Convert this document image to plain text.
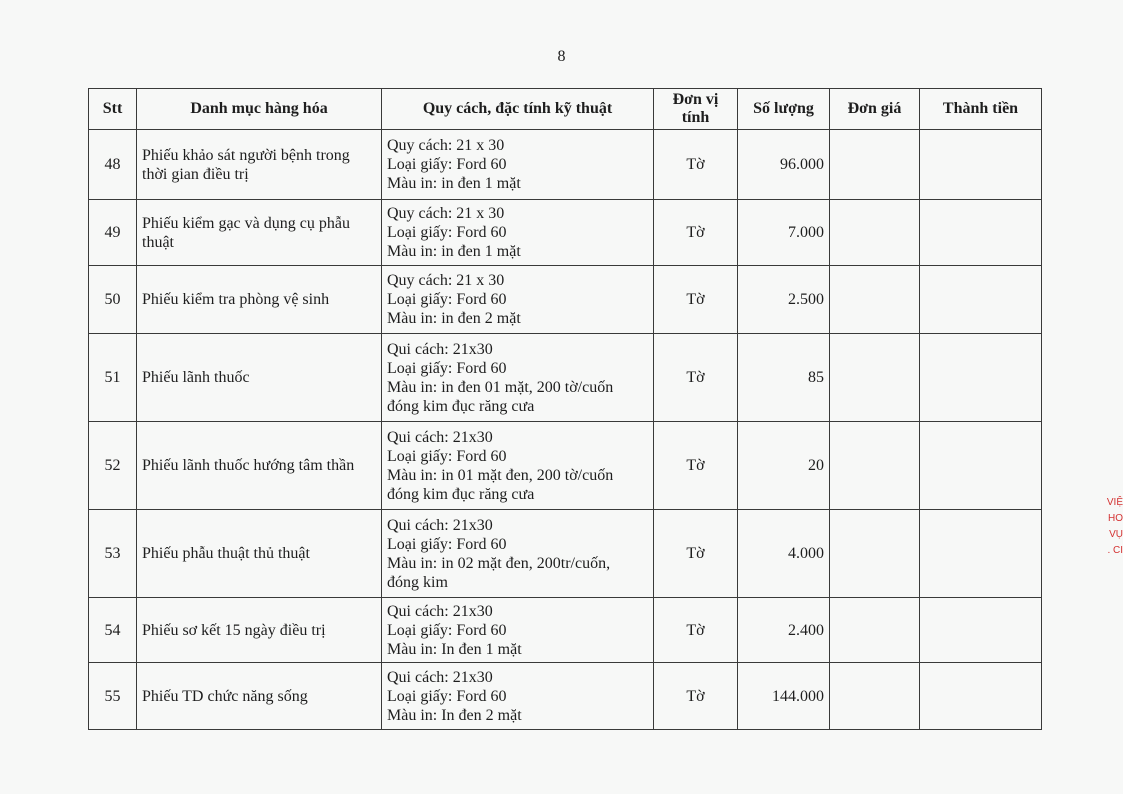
8
Stt	Danh mục hàng hóa	Quy cách, đặc tính kỹ thuật	Đơn vị
tính	Số lượng	Đơn giá	Thành tiền
48	Phiếu khảo sát người bệnh trong thời gian điều trị	Quy cách: 21 x 30
Loại giấy: Ford 60
Màu in: in đen 1 mặt	Tờ	96.000		
49	Phiếu kiểm gạc và dụng cụ phẫu thuật	Quy cách: 21 x 30
Loại giấy: Ford 60
Màu in: in đen 1 mặt	Tờ	7.000		
50	Phiếu kiểm tra phòng vệ sinh	Quy cách: 21 x 30
Loại giấy: Ford 60
Màu in: in đen 2 mặt	Tờ	2.500		
51	Phiếu lãnh thuốc	Qui cách: 21x30
Loại giấy: Ford 60
Màu in: in đen 01 mặt, 200 tờ/cuốn
đóng kim đục răng cưa	Tờ	85		
52	Phiếu lãnh thuốc hướng tâm thần	Qui cách: 21x30
Loại giấy: Ford 60
Màu in: in 01 mặt đen, 200 tờ/cuốn
đóng kim đục răng cưa	Tờ	20		
53	Phiếu phẫu thuật thủ thuật	Qui cách: 21x30
Loại giấy: Ford 60
Màu in: in 02 mặt đen, 200tr/cuốn,
đóng kim	Tờ	4.000		
54	Phiếu sơ kết 15 ngày điều trị	Qui cách: 21x30
Loại giấy: Ford 60
Màu in: In đen 1 mặt	Tờ	2.400		
55	Phiếu TD chức năng sống	Qui cách: 21x30
Loại giấy: Ford 60
Màu in: In đen 2 mặt	Tờ	144.000		
VIỆ
HO
VỤ
. CI
